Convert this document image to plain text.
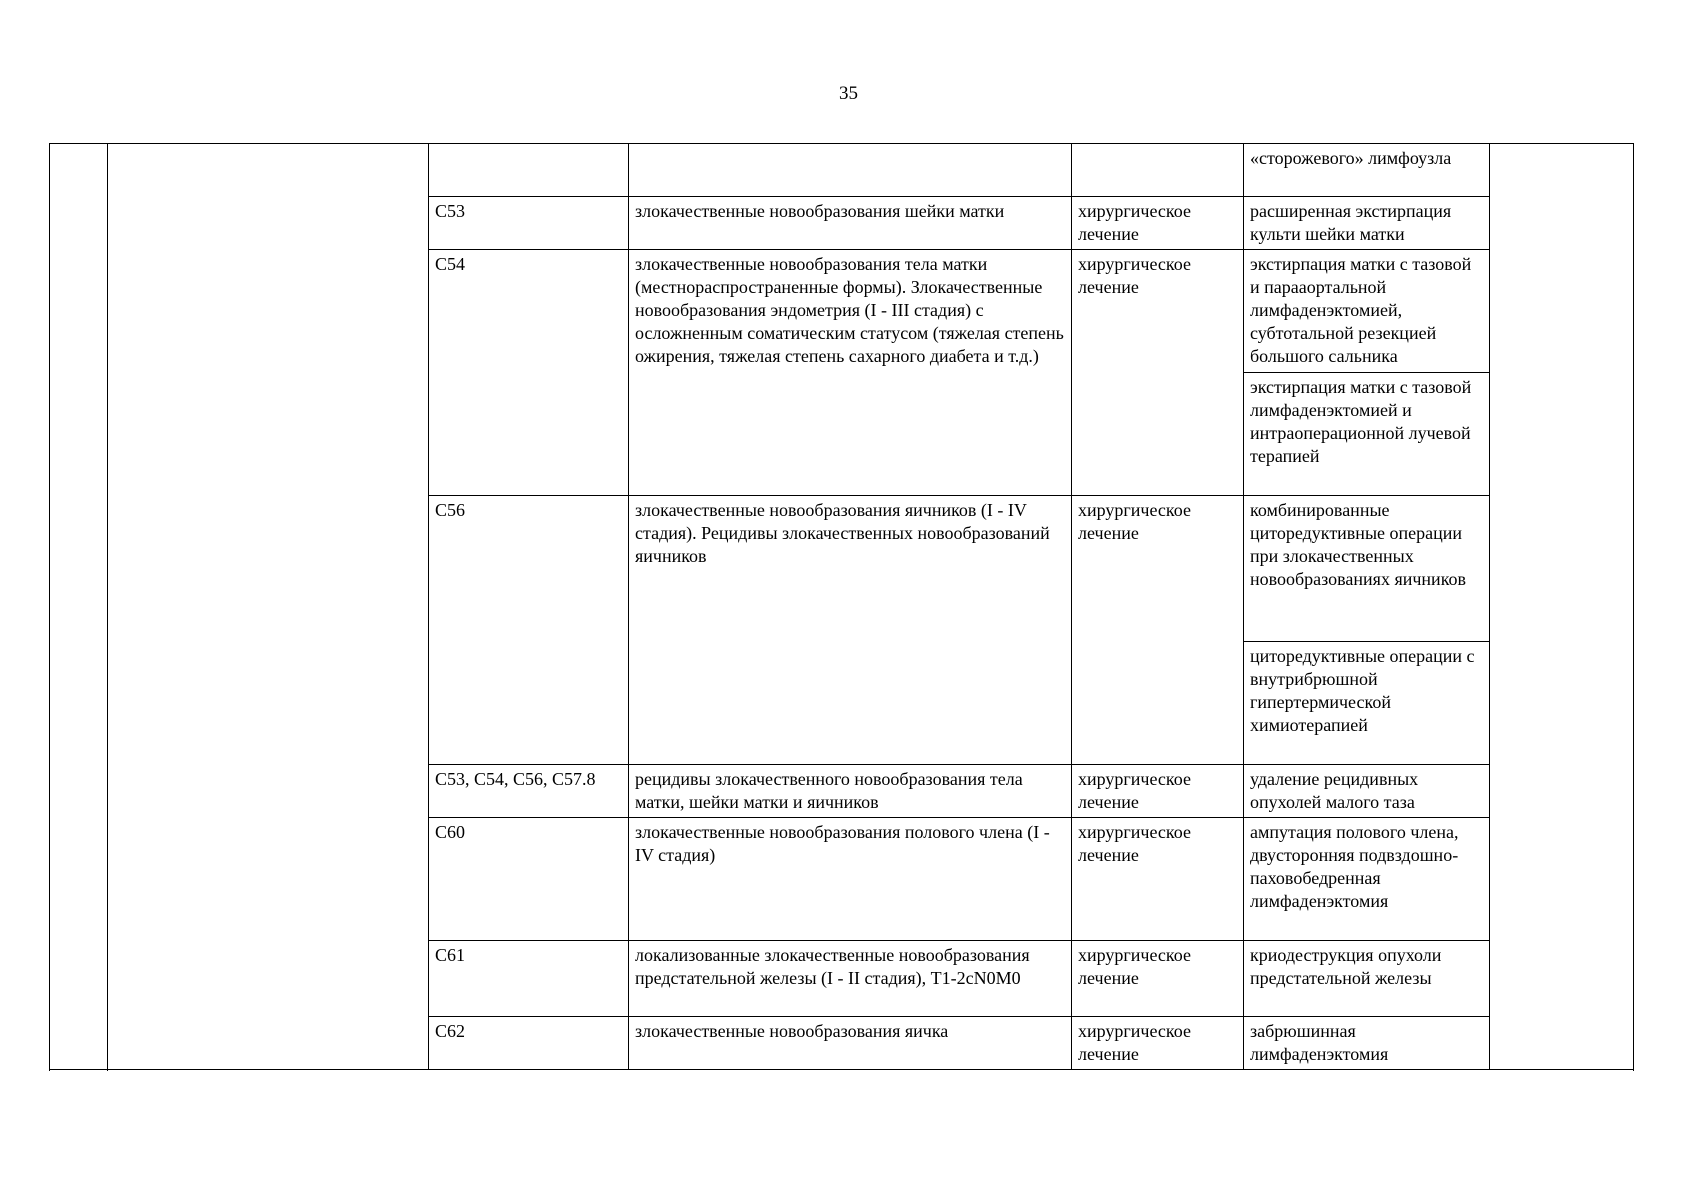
35
					«сторожевого» лимфоузла	
		C53	злокачественные новообразования шейки матки	хирургическое лечение	расширенная экстирпация культи шейки матки	
		C54	злокачественные новообразования тела матки (местнораспространенные формы). Злокачественные новообразования эндометрия (I - III стадия) с осложненным соматическим статусом (тяжелая степень ожирения, тяжелая степень сахарного диабета и т.д.)	хирургическое лечение	экстирпация матки с тазовой и парааортальной лимфаденэктомией, субтотальной резекцией большого сальника	
					экстирпация матки с тазовой лимфаденэктомией и интраоперационной лучевой терапией	
		C56	злокачественные новообразования яичников (I - IV стадия). Рецидивы злокачественных новообразований яичников	хирургическое лечение	комбинированные циторедуктивные операции при злокачественных новообразованиях яичников	
					циторедуктивные операции с внутрибрюшной гипертермической химиотерапией	
		C53, C54, C56, C57.8	рецидивы злокачественного новообразования тела матки, шейки матки и яичников	хирургическое лечение	удаление рецидивных опухолей малого таза	
		C60	злокачественные новообразования полового члена (I - IV стадия)	хирургическое лечение	ампутация полового члена, двусторонняя подвздошно-паховобедренная лимфаденэктомия	
		C61	локализованные злокачественные новообразования предстательной железы (I - II стадия), T1-2cN0M0	хирургическое лечение	криодеструкция опухоли предстательной железы	
		C62	злокачественные новообразования яичка	хирургическое лечение	забрюшинная лимфаденэктомия	
